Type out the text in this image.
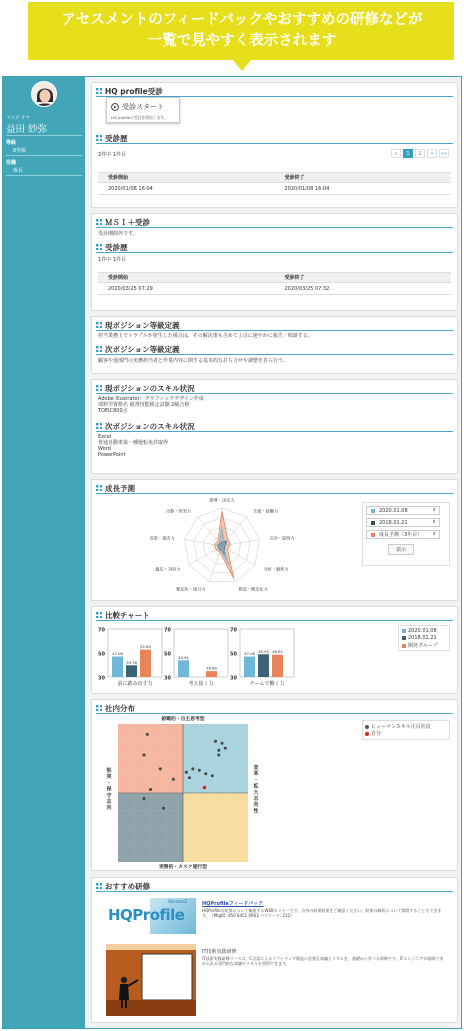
アセスメントのフィードバックやおすすめの研修などが
一覧で見やすく表示されます
マスダ サヤ
益田 紗弥
等級
8等級
役職
係長
HQ profile受診
受診スタート
HQ profileの受診を開始します。
受診歴
2件中 1件目	«	1	2	»	»»
受診開始	受診終了
2020/01/08 16:04	2020/01/08 16:04
ＭＳＩ＋受診
受診期間外です。
受診歴
1件中 1件目
受診開始	受診終了
2020/03/25 07:29	2020/03/25 07:32
現ポジション等級定義
担当業務上でトラブルが発生した場合は、その解決策も含めて上司に速やかに報告／相談する。
次ポジション等級定義
顧客や他部門の実務担当者と作業内容に関する基本的な打ち合せや調整を自ら行う。
現ポジションのスキル状況
Adobe Illustrator：グラフィックデザイン作成
部料学資格名 秘書技能検定試験 2級合格
TOEIC800点
次ポジションのスキル状況
Excel
普通自動車第一種運転免許取得
Word
PowerPoint
成長予測
指導・決定力
支援・協働力
交渉・説明力
分析・解釈力
創造・概念化力
順応化・遂行力
適応・対処力
成果・達成力
冷静・堅実力	2020.01.08	⇕
2018.01.21	⇕
成長予測（3年目） ⇕
表示
比較チャート
30
50
70
47.08
39.78
52.84
前に踏み出す力
30
50
70
43.91
34.89
考え抜く力
30
50
70
47.08 48.95 48.61
チームで働く力
2020.01.08
2018.01.21
開発グループ
社内分布
俯瞰的・自主思考型
実務的・タスク遂行型
堅実・保守志向
変革・拡大志向性
ヒューマンスキル注目社員
自分
おすすめ研修
HQProfile
Version2	HQProfileフィードバック
HQProfileの結果について解説するWEBセミナーです。自身の結果結果をご確認ください。結果の解釈について質問することもできます。（MtgID: 850 8451 0963 パスワード: 222）
IT技術実践研修
IT技術実践研修コースは、C言語によるソフトウェア開発に必要な知識とスキルを、基礎から学べる研修です。ITエンジニアが現場で求められる専門的な知識やスキルを習得できます。
